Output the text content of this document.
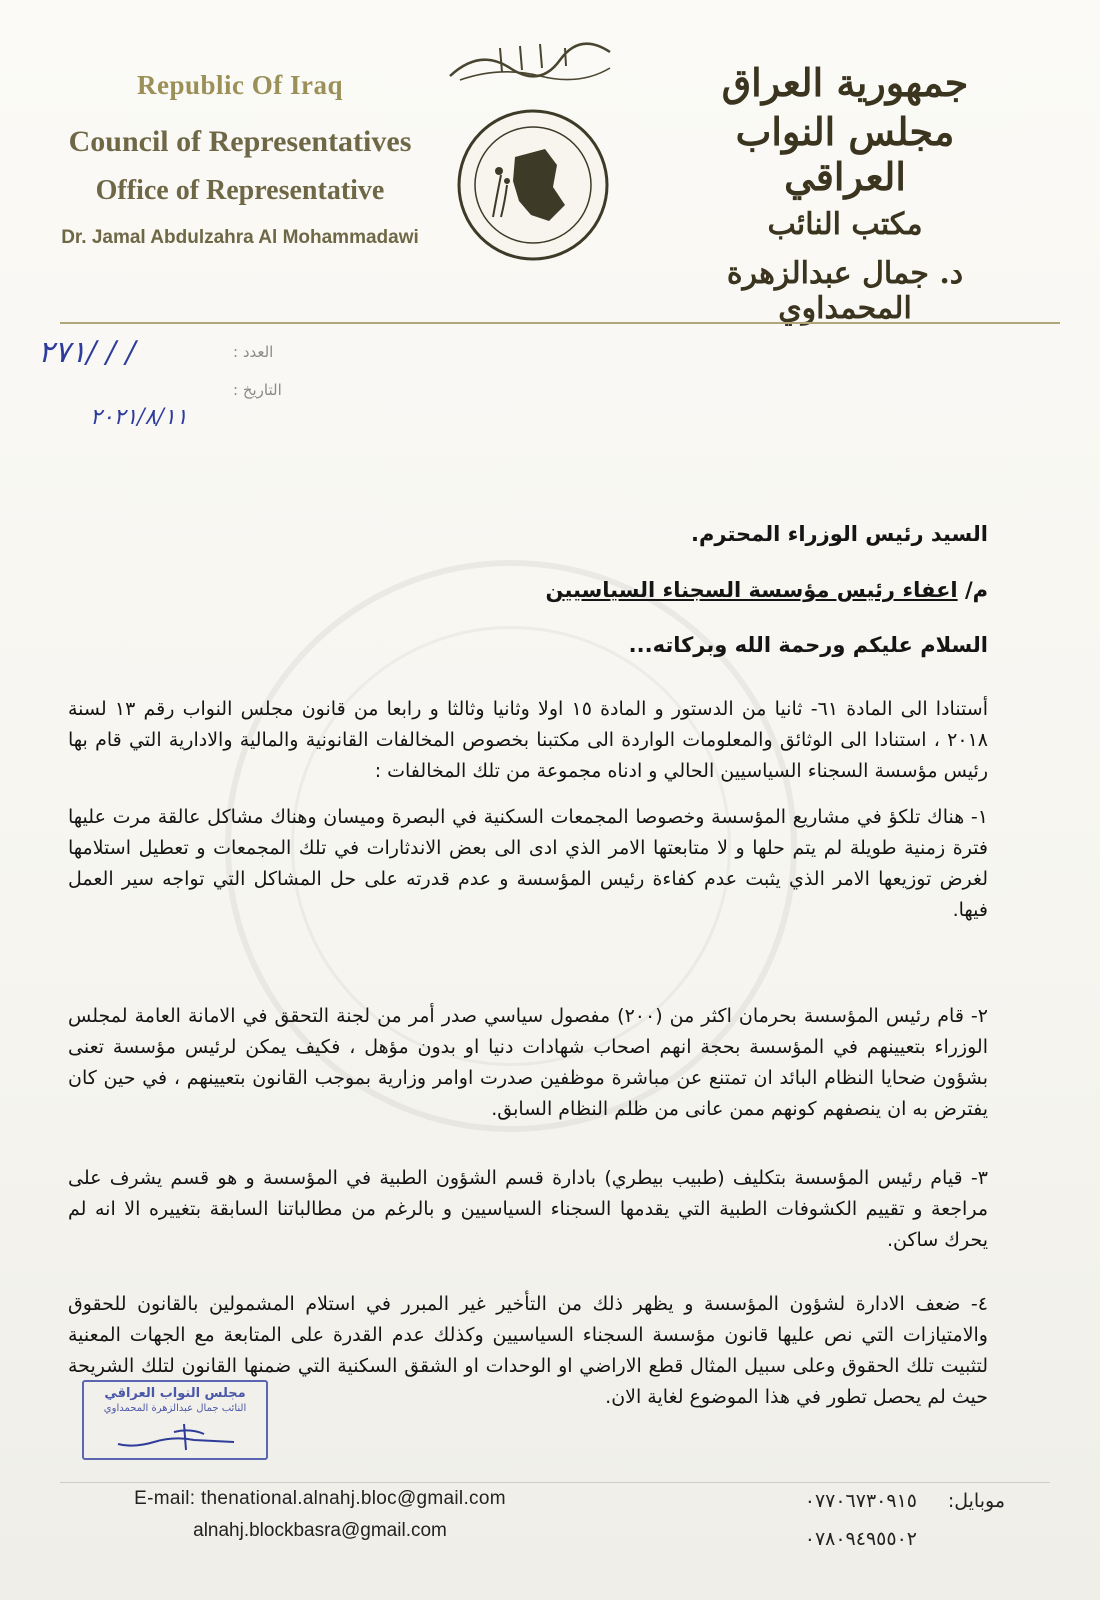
Republic Of Iraq
Council of Representatives
Office of Representative
Dr. Jamal Abdulzahra Al Mohammadawi
جمهورية العراق
مجلس النواب العراقي
مكتب النائب
د. جمال عبدالزهرة المحمداوي
٢٧١/ / /	العدد :
٢٠٢١/٨/١١
التاريخ :
السيد رئيس الوزراء المحترم.
م/ اعفاء رئيس مؤسسة السجناء السياسيين
السلام عليكم ورحمة الله وبركاته...
أستنادا الى المادة ٦١- ثانيا من الدستور و المادة ١٥ اولا وثانيا وثالثا و رابعا من قانون مجلس النواب رقم ١٣ لسنة ٢٠١٨ ، استنادا الى الوثائق والمعلومات الواردة الى مكتبنا بخصوص المخالفات القانونية والمالية والادارية التي قام بها رئيس مؤسسة السجناء السياسيين الحالي و ادناه مجموعة من تلك المخالفات :
١- هناك تلكؤ في مشاريع المؤسسة وخصوصا المجمعات السكنية في البصرة وميسان وهناك مشاكل عالقة مرت عليها فترة زمنية طويلة لم يتم حلها و لا متابعتها الامر الذي ادى الى بعض الاندثارات في تلك المجمعات و تعطيل استلامها لغرض توزيعها الامر الذي يثبت عدم كفاءة رئيس المؤسسة و عدم قدرته على حل المشاكل التي تواجه سير العمل فيها.
٢- قام رئيس المؤسسة بحرمان اكثر من (٢٠٠) مفصول سياسي صدر أمر من لجنة التحقق في الامانة العامة لمجلس الوزراء بتعيينهم في المؤسسة بحجة انهم اصحاب شهادات دنيا او بدون مؤهل ، فكيف يمكن لرئيس مؤسسة تعنى بشؤون ضحايا النظام البائد ان تمتنع عن مباشرة موظفين صدرت اوامر وزارية بموجب القانون بتعيينهم ، في حين كان يفترض به ان ينصفهم كونهم ممن عانى من ظلم النظام السابق.
٣- قيام رئيس المؤسسة بتكليف (طبيب بيطري) بادارة قسم الشؤون الطبية في المؤسسة و هو قسم يشرف على مراجعة و تقييم الكشوفات الطبية التي يقدمها السجناء السياسيين و بالرغم من مطالباتنا السابقة بتغييره الا انه لم يحرك ساكن.
٤- ضعف الادارة لشؤون المؤسسة و يظهر ذلك من التأخير غير المبرر في استلام المشمولين بالقانون للحقوق والامتيازات التي نص عليها قانون مؤسسة السجناء السياسيين وكذلك عدم القدرة على المتابعة مع الجهات المعنية لتثبيت تلك الحقوق وعلى سبيل المثال قطع الاراضي او الوحدات او الشقق السكنية التي ضمنها القانون لتلك الشريحة حيث لم يحصل تطور في هذا الموضوع لغاية الان.
مجلس النواب العراقي
النائب جمال عبدالزهرة المحمداوي
E-mail: thenational.alnahj.bloc@gmail.com
alnahj.blockbasra@gmail.com
موبايل:
٠٧٧٠٦٧٣٠٩١٥
٠٧٨٠٩٤٩٥٥٠٢
